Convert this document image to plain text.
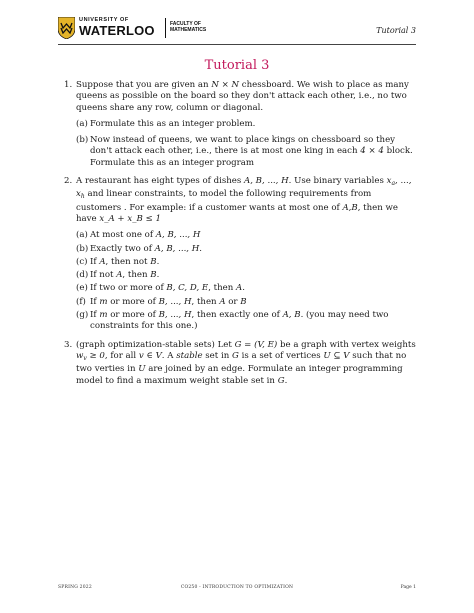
UNIVERSITY OF
WATERLOO	FACULTY OF
MATHEMATICS	Tutorial 3
Tutorial 3
1. Suppose that you are given an N × N chessboard. We wish to place as many queens as possible on the board so they don't attack each other, i.e., no two queens share any row, column or diagonal.
(a) Formulate this as an integer problem.
(b) Now instead of queens, we want to place kings on chessboard so they don't attack each other, i.e., there is at most one king in each 4 × 4 block. Formulate this as an integer program
2. A restaurant has eight types of dishes A, B, ..., H. Use binary variables $x_a$, ..., $x_h$ and linear constraints, to model the following requirements from customers . For example: if a customer wants at most one of A,B, then we have x_A + x_B ≤ 1
(a) At most one of A, B, ..., H
(b) Exactly two of A, B, ..., H.
(c) If A, then not B.
(d) If not A, then B.
(e) If two or more of B, C, D, E, then A.
(f) If m or more of B, ..., H, then A or B
(g) If m or more of B, ..., H, then exactly one of A, B. (you may need two constraints for this one.)
3. (graph optimization-stable sets) Let G = (V, E) be a graph with vertex weights $w_v \ge 0$, for all v ∈ V. A stable set in G is a set of vertices U ⊆ V such that no two verties in U are joined by an edge. Formulate an integer programming model to find a maximum weight stable set in G.
SPRING 2022	CO250 - INTRODUCTION TO OPTIMIZATION	Page 1
